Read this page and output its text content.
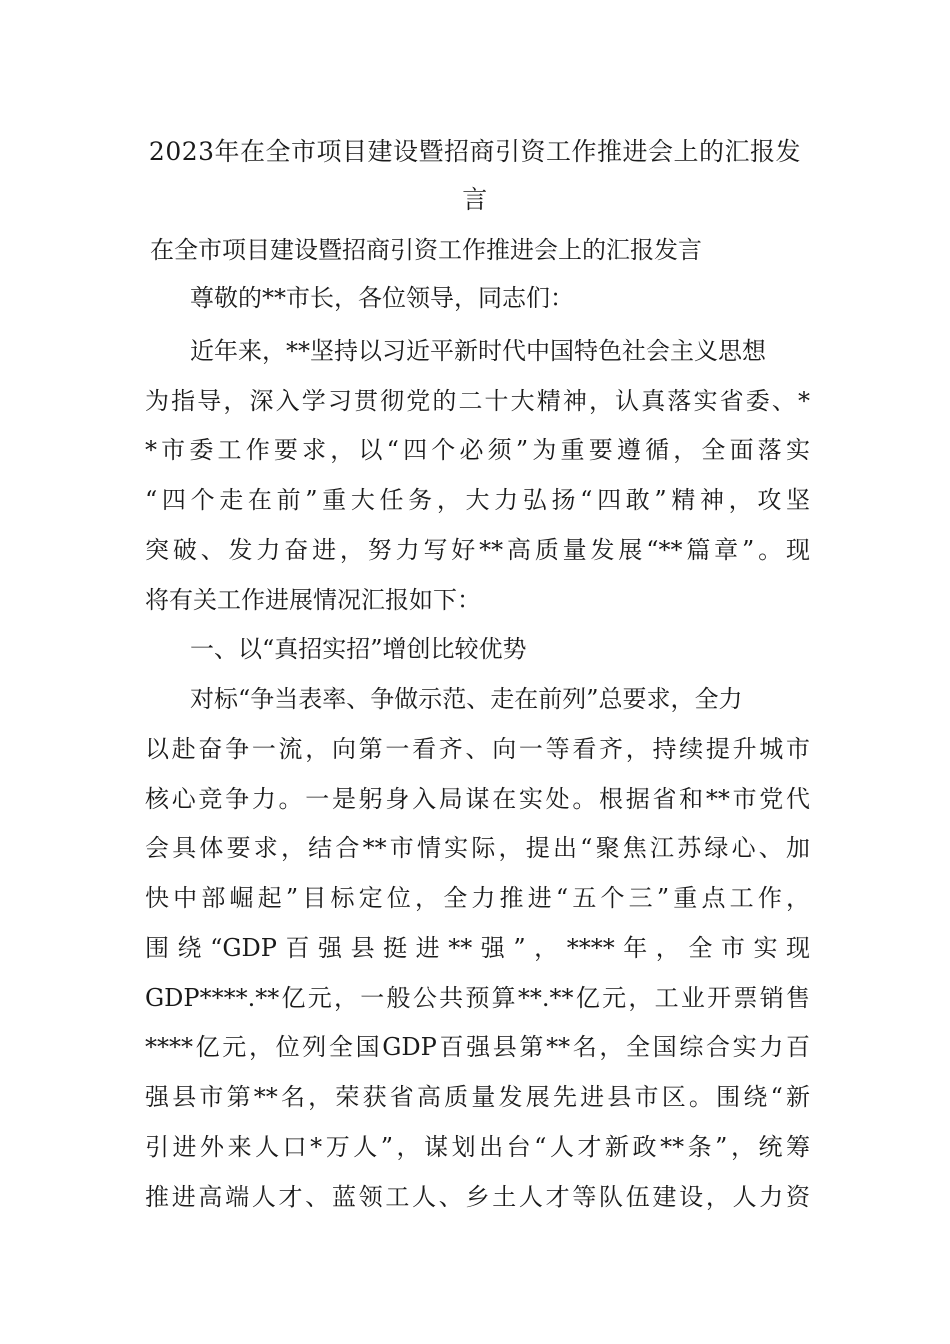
2023年在全市项目建设暨招商引资工作推进会上的汇报发
言

在全市项目建设暨招商引资工作推进会上的汇报发言

尊敬的**市长，各位领导，同志们：

近年来，**坚持以习近平新时代中国特色社会主义思想

为指导，深入学习贯彻党的二十大精神，认真落实省委、*

*市委工作要求，以“四个必须”为重要遵循，全面落实

“四个走在前”重大任务，大力弘扬“四敢”精神，攻坚

突破、发力奋进，努力写好**高质量发展“**篇章”。现

将有关工作进展情况汇报如下：

一、以“真招实招”增创比较优势

对标“争当表率、争做示范、走在前列”总要求，全力

以赴奋争一流，向第一看齐、向一等看齐，持续提升城市

核心竞争力。一是躬身入局谋在实处。根据省和**市党代

会具体要求，结合**市情实际，提出“聚焦江苏绿心、加

快中部崛起”目标定位，全力推进“五个三”重点工作，

围绕“GDP百强县挺进**强”，****年，全市实现

GDP****.**亿元，一般公共预算**.**亿元，工业开票销售

****亿元，位列全国GDP百强县第**名，全国综合实力百

强县市第**名，荣获省高质量发展先进县市区。围绕“新

引进外来人口*万人”，谋划出台“人才新政**条”，统筹

推进高端人才、蓝领工人、乡土人才等队伍建设，人力资
